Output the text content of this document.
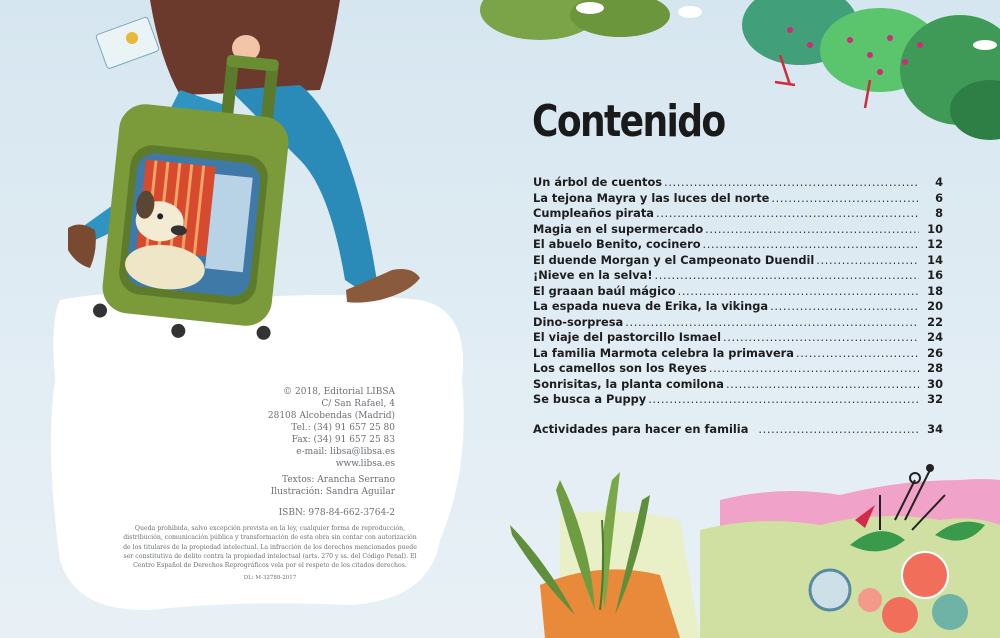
© 2018, Editorial LIBSA
C/ San Rafael, 4
28108 Alcobendas (Madrid)
Tel.: (34) 91 657 25 80
Fax: (34) 91 657 25 83
e-mail: libsa@libsa.es
www.libsa.es
Textos: Arancha Serrano
Ilustración: Sandra Aguilar
ISBN: 978-84-662-3764-2
Queda prohibida, salvo excepción prevista en la ley, cualquier forma de reproducción, distribución, comunicación pública y transformación de esta obra sin contar con autorización de los titulares de la propiedad intelectual. La infracción de los derechos mencionados puede ser constitutiva de delito contra la propiedad intelectual (arts. 270 y ss. del Código Penal). El Centro Español de Derechos Reprográficos vela por el respeto de los citados derechos.
DL: M-32788-2017
Contenido
Un árbol de cuentos . . .	4
La tejona Mayra y las luces del norte . . .	6
Cumpleaños pirata . . .	8
Magia en el supermercado . . .	10
El abuelo Benito, cocinero . . .	12
El duende Morgan y el Campeonato Duendil . . .	14
¡Nieve en la selva! . . .	16
El graaan baúl mágico . . .	18
La espada nueva de Erika, la vikinga . . .	20
Dino-sorpresa . . .	22
El viaje del pastorcillo Ismael . . .	24
La familia Marmota celebra la primavera . . .	26
Los camellos son los Reyes . . .	28
Sonrisitas, la planta comilona . . .	30
Se busca a Puppy . . .	32
Actividades para hacer en familia . . .	34
